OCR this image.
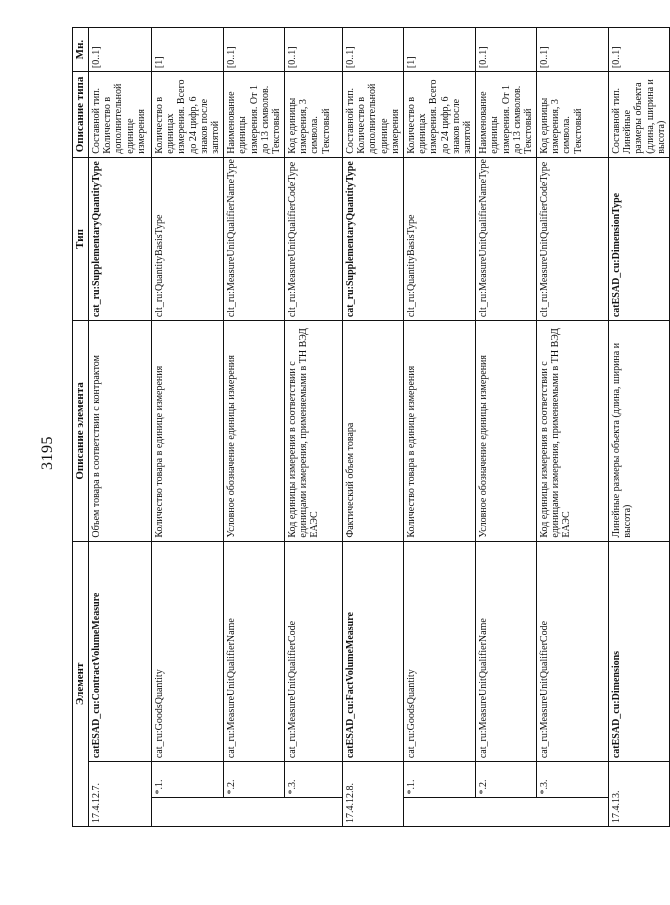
3195
Элемент			Описание элемента	Тип	Описание типа	Мн.
17.4.12.7.		catESAD_cu:ContractVolumeMeasure	Объем товара в соответствии с контрактом	cat_ru:SupplementaryQuantityType	Составной тип. Количество в дополнительной единице измерения	[0..1]
	*.1.	cat_ru:GoodsQuantity	Количество товара в единице измерения	clt_ru:QuantityBasisType	Количество в единицах измерения. Всего до 24 цифр, 6 знаков после запятой	[1]
	*.2.	cat_ru:MeasureUnitQualifierName	Условное обозначение единицы измерения	clt_ru:MeasureUnitQualifierNameType	Наименование единицы измерения. От 1 до 13 символов. Текстовый	[0..1]
	*.3.	cat_ru:MeasureUnitQualifierCode	Код единицы измерения в соответствии с единицами измерения, применяемыми в ТН ВЭД ЕАЭС	clt_ru:MeasureUnitQualifierCodeType	Код единицы измерения, 3 символа. Текстовый	[0..1]
17.4.12.8.		catESAD_cu:FactVolumeMeasure	Фактический объем товара	cat_ru:SupplementaryQuantityType	Составной тип. Количество в дополнительной единице измерения	[0..1]
	*.1.	cat_ru:GoodsQuantity	Количество товара в единице измерения	clt_ru:QuantityBasisType	Количество в единицах измерения. Всего до 24 цифр, 6 знаков после запятой	[1]
	*.2.	cat_ru:MeasureUnitQualifierName	Условное обозначение единицы измерения	clt_ru:MeasureUnitQualifierNameType	Наименование единицы измерения. От 1 до 13 символов. Текстовый	[0..1]
	*.3.	cat_ru:MeasureUnitQualifierCode	Код единицы измерения в соответствии с единицами измерения, применяемыми в ТН ВЭД ЕАЭС	clt_ru:MeasureUnitQualifierCodeType	Код единицы измерения, 3 символа. Текстовый	[0..1]
17.4.13.		catESAD_cu:Dimensions	Линейные размеры объекта (длина, ширина и высота)	catESAD_cu:DimensionType	Составной тип. Линейные размеры объекта (длина, ширина и высота)	[0..1]
